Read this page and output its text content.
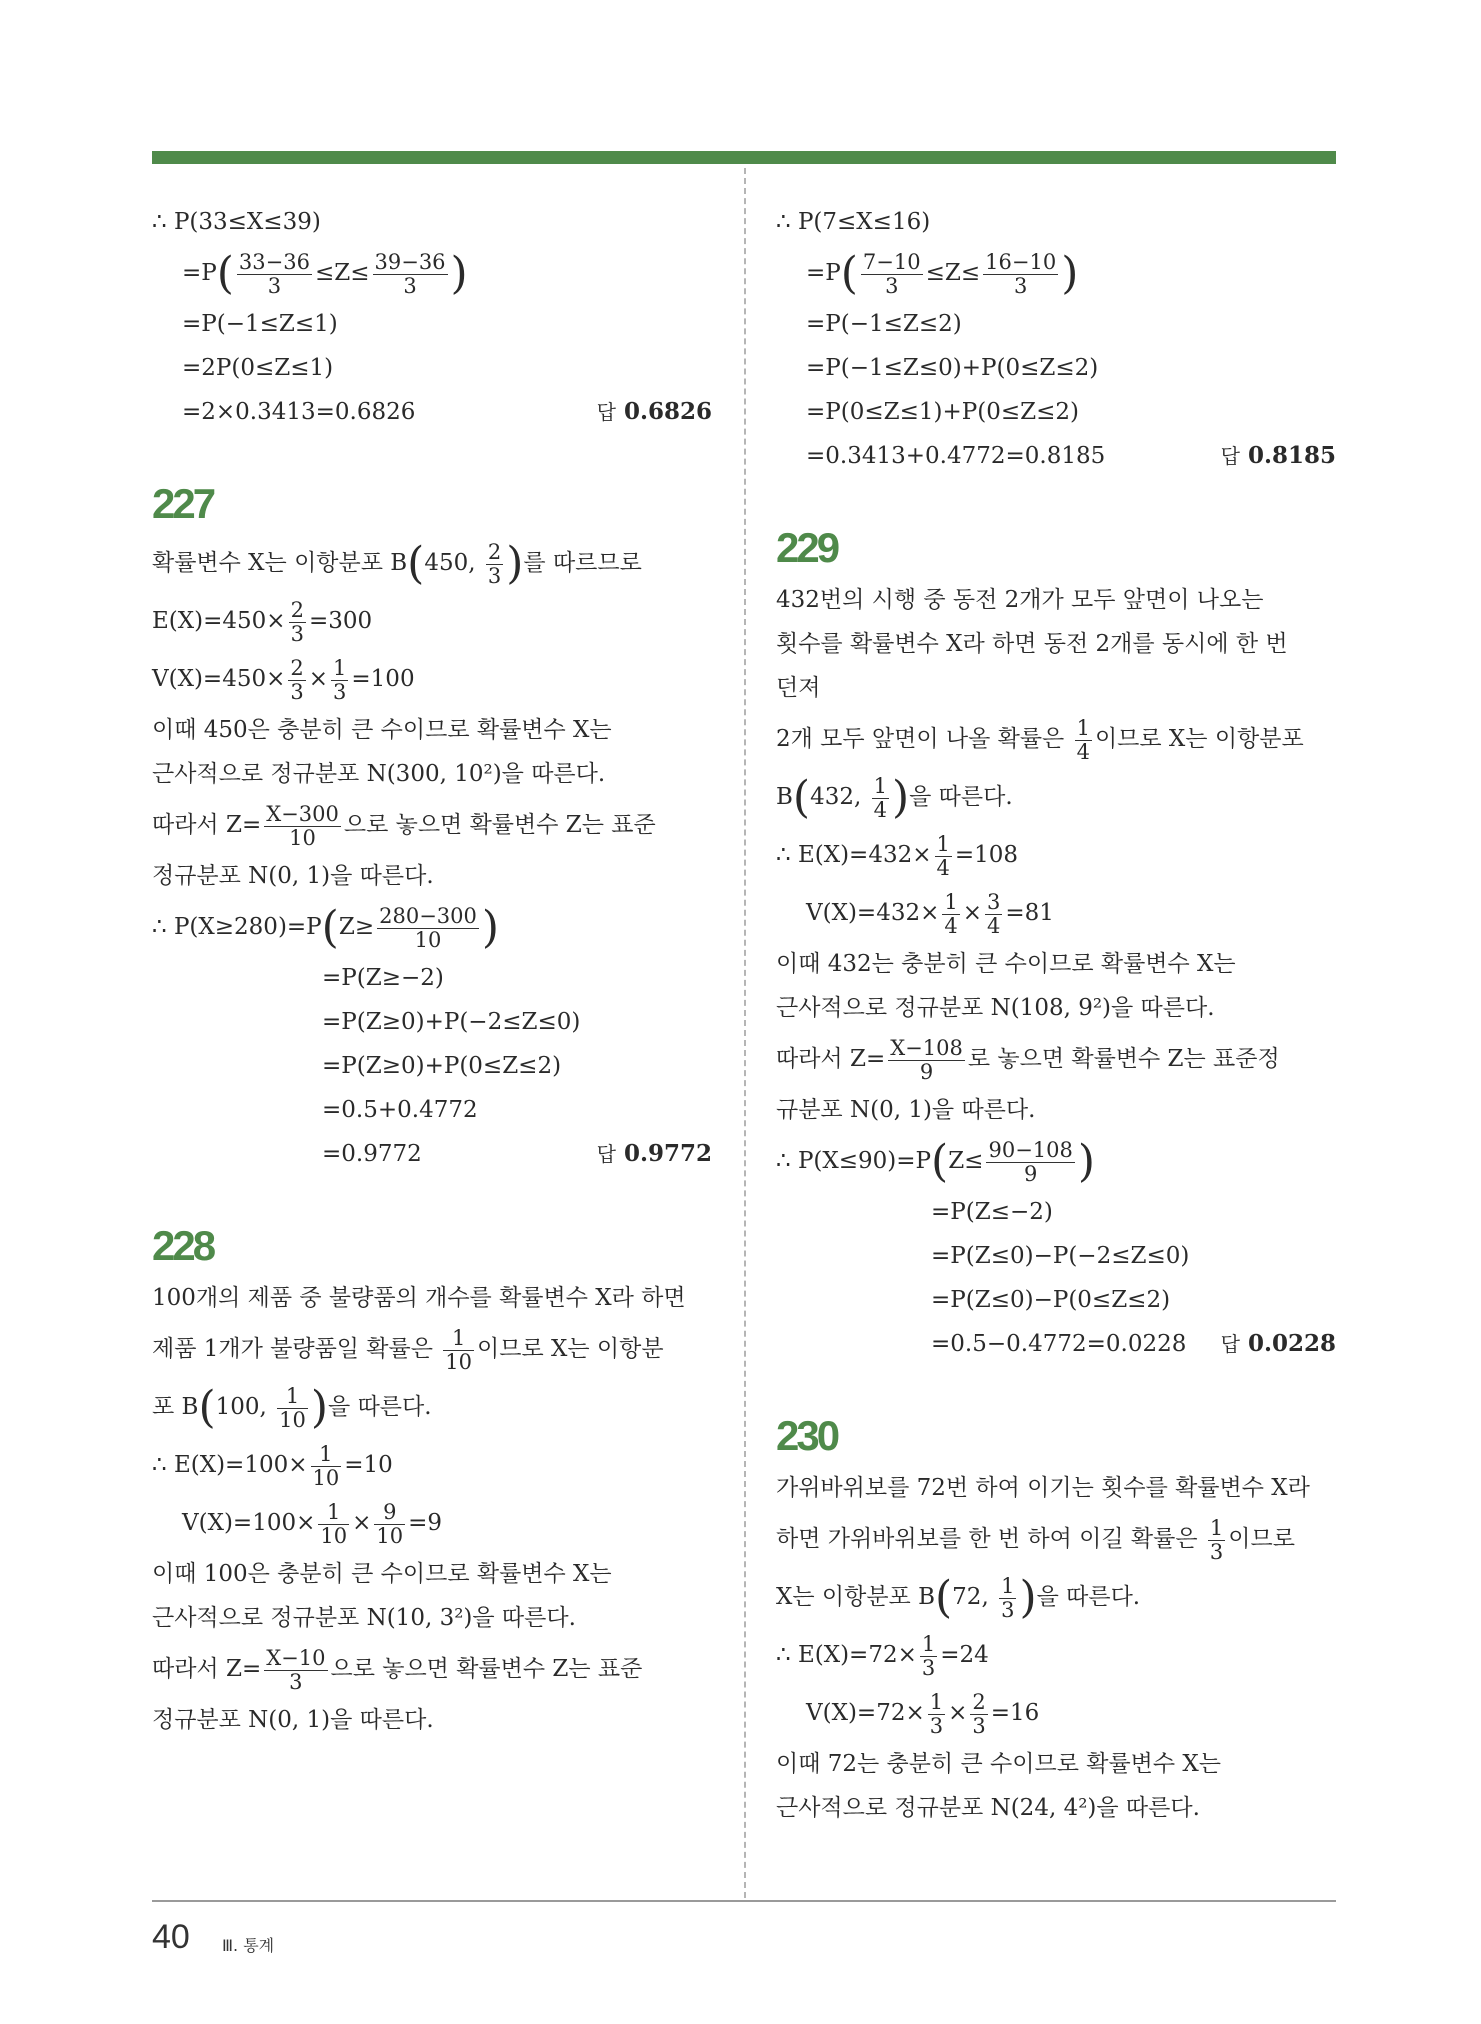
∴ P(33≤X≤39)
$=P( \frac{33-36}{3} \le Z\le \frac{39-36}{3}$ )
=P(−1≤Z≤1)
=2P(0≤Z≤1)
=2×0.3413=0.6826	답 0.6826
227
확률변수 X는 이항분포 B(450, $\frac{2}{3}$ )를 따르므로
$E(X)=450\times \frac{2}{3} =300$
$V(X)=450\times \frac{2}{3} \times \frac{1}{3} =100$
이때 450은 충분히 큰 수이므로 확률변수 X는 근사적으로 정규분포 N(300, 10²)을 따른다.
따라서 $Z= \frac{X-300}{10}$ 으로 놓으면 확률변수 Z는 표준
정규분포 N(0, 1)을 따른다.
∴ $P(X\ge 280)=P(Z\ge \frac{280-300}{10}$ )
=P(Z≥−2)
=P(Z≥0)+P(−2≤Z≤0)
=P(Z≥0)+P(0≤Z≤2)
=0.5+0.4772
=0.9772	답 0.9772
228
100개의 제품 중 불량품의 개수를 확률변수 X라 하면
제품 1개가 불량품일 확률은 $\frac{1}{10}$ 이므로 X는 이항분
포 B(100, $\frac{1}{10}$ )을 따른다.
∴ $E(X)=100\times \frac{1}{10} =10$
$V(X)=100\times \frac{1}{10} \times \frac{9}{10} =9$
이때 100은 충분히 큰 수이므로 확률변수 X는 근사적으로 정규분포 N(10, 3²)을 따른다.
따라서 $Z= \frac{X-10}{3}$ 으로 놓으면 확률변수 Z는 표준
정규분포 N(0, 1)을 따른다.
∴ P(7≤X≤16)
$=P( \frac{7-10}{3} \le Z\le \frac{16-10}{3}$ )
=P(−1≤Z≤2)
=P(−1≤Z≤0)+P(0≤Z≤2)
=P(0≤Z≤1)+P(0≤Z≤2)
=0.3413+0.4772=0.8185	답 0.8185
229
432번의 시행 중 동전 2개가 모두 앞면이 나오는 횟수를 확률변수 X라 하면 동전 2개를 동시에 한 번 던져
2개 모두 앞면이 나올 확률은 $\frac{1}{4}$ 이므로 X는 이항분포
B(432, $\frac{1}{4}$ )을 따른다.
∴ $E(X)=432\times \frac{1}{4} =108$
$V(X)=432\times \frac{1}{4} \times \frac{3}{4} =81$
이때 432는 충분히 큰 수이므로 확률변수 X는 근사적으로 정규분포 N(108, 9²)을 따른다.
따라서 $Z= \frac{X-108}{9}$ 로 놓으면 확률변수 Z는 표준정
규분포 N(0, 1)을 따른다.
∴ $P(X\le 90)=P(Z\le \frac{90-108}{9}$ )
=P(Z≤−2)
=P(Z≤0)−P(−2≤Z≤0)
=P(Z≤0)−P(0≤Z≤2)
=0.5−0.4772=0.0228 답 0.0228
230
가위바위보를 72번 하여 이기는 횟수를 확률변수 X라
하면 가위바위보를 한 번 하여 이길 확률은 $\frac{1}{3}$ 이므로
X는 이항분포 B(72, $\frac{1}{3}$ )을 따른다.
∴ $E(X)=72\times \frac{1}{3} =24$
$V(X)=72\times \frac{1}{3} \times \frac{2}{3} =16$
이때 72는 충분히 큰 수이므로 확률변수 X는 근사적으로 정규분포 N(24, 4²)을 따른다.
40 Ⅲ. 통계
